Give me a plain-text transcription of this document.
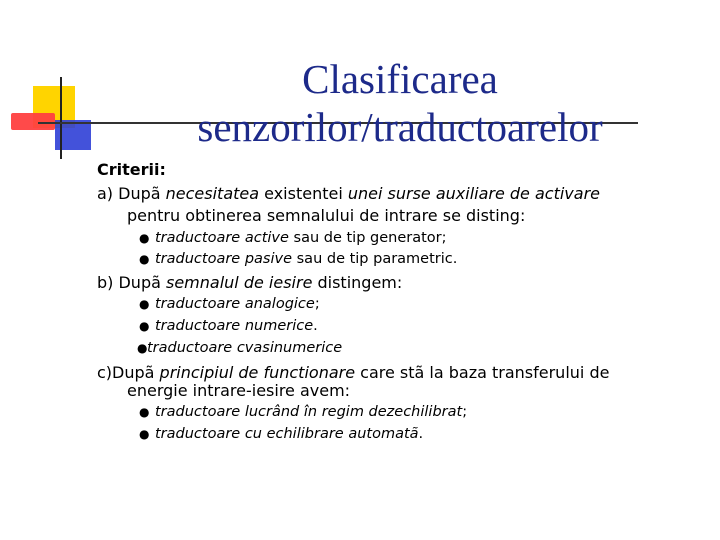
Clasificarea
senzorilor/traductoarelor
Criterii:
a) Dupã necesitatea existentei unei surse auxiliare de activare
pentru obtinerea semnalului de intrare se disting:
● traductoare active sau de tip generator;
● traductoare pasive sau de tip parametric.
b) Dupã semnalul de iesire distingem:
● traductoare analogice;
● traductoare numerice.
●traductoare cvasinumerice
c)Dupã principiul de functionare care stã la baza transferului de
energie intrare-iesire avem:
● traductoare lucrând în regim dezechilibrat;
● traductoare cu echilibrare automatã.
